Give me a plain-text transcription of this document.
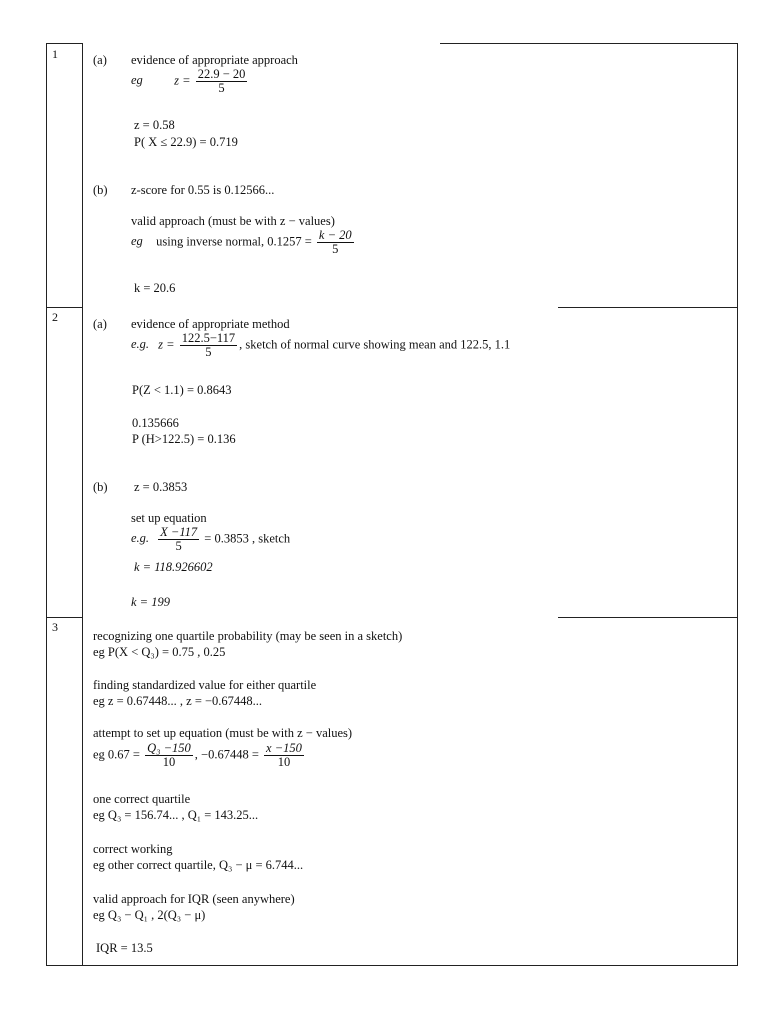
1	(a) evidence of appropriate approach
eg	$z = \frac{22.9 - 20}{5}$
z = 0.58
P( X ≤ 22.9) = 0.719
(b) z-score for 0.55 is 0.12566...
valid approach (must be with z − values)
eg using inverse normal, $0.1257 = \frac{k - 20}{5}$
k = 20.6
2	(a) evidence of appropriate method
e.g. $z = \frac{122.5-117}{5}$ , sketch of normal curve showing mean and 122.5, 1.1
P(Z < 1.1) = 0.8643
0.135666
P (H>122.5) = 0.136
(b) z = 0.3853
set up equation
e.g. $\frac{X -117}{5} = 0.3853$ , sketch
k = 118.926602
k = 199
3
recognizing one quartile probability (may be seen in a sketch)
eg P(X < Q₃) = 0.75 , 0.25
finding standardized value for either quartile
eg z = 0.67448... , z = −0.67448...
attempt to set up equation (must be with z − values)
eg $0.67 = \frac{\text{Q₃ −150}}{10}$ , $-0.67448 = \frac{x -150}{10}$
one correct quartile
eg Q₃ = 156.74... , Q₁ = 143.25...
correct working
eg other correct quartile, Q₃ − μ = 6.744...
valid approach for IQR (seen anywhere)
eg Q₃ − Q₁ , 2(Q₃ − μ)
IQR = 13.5
